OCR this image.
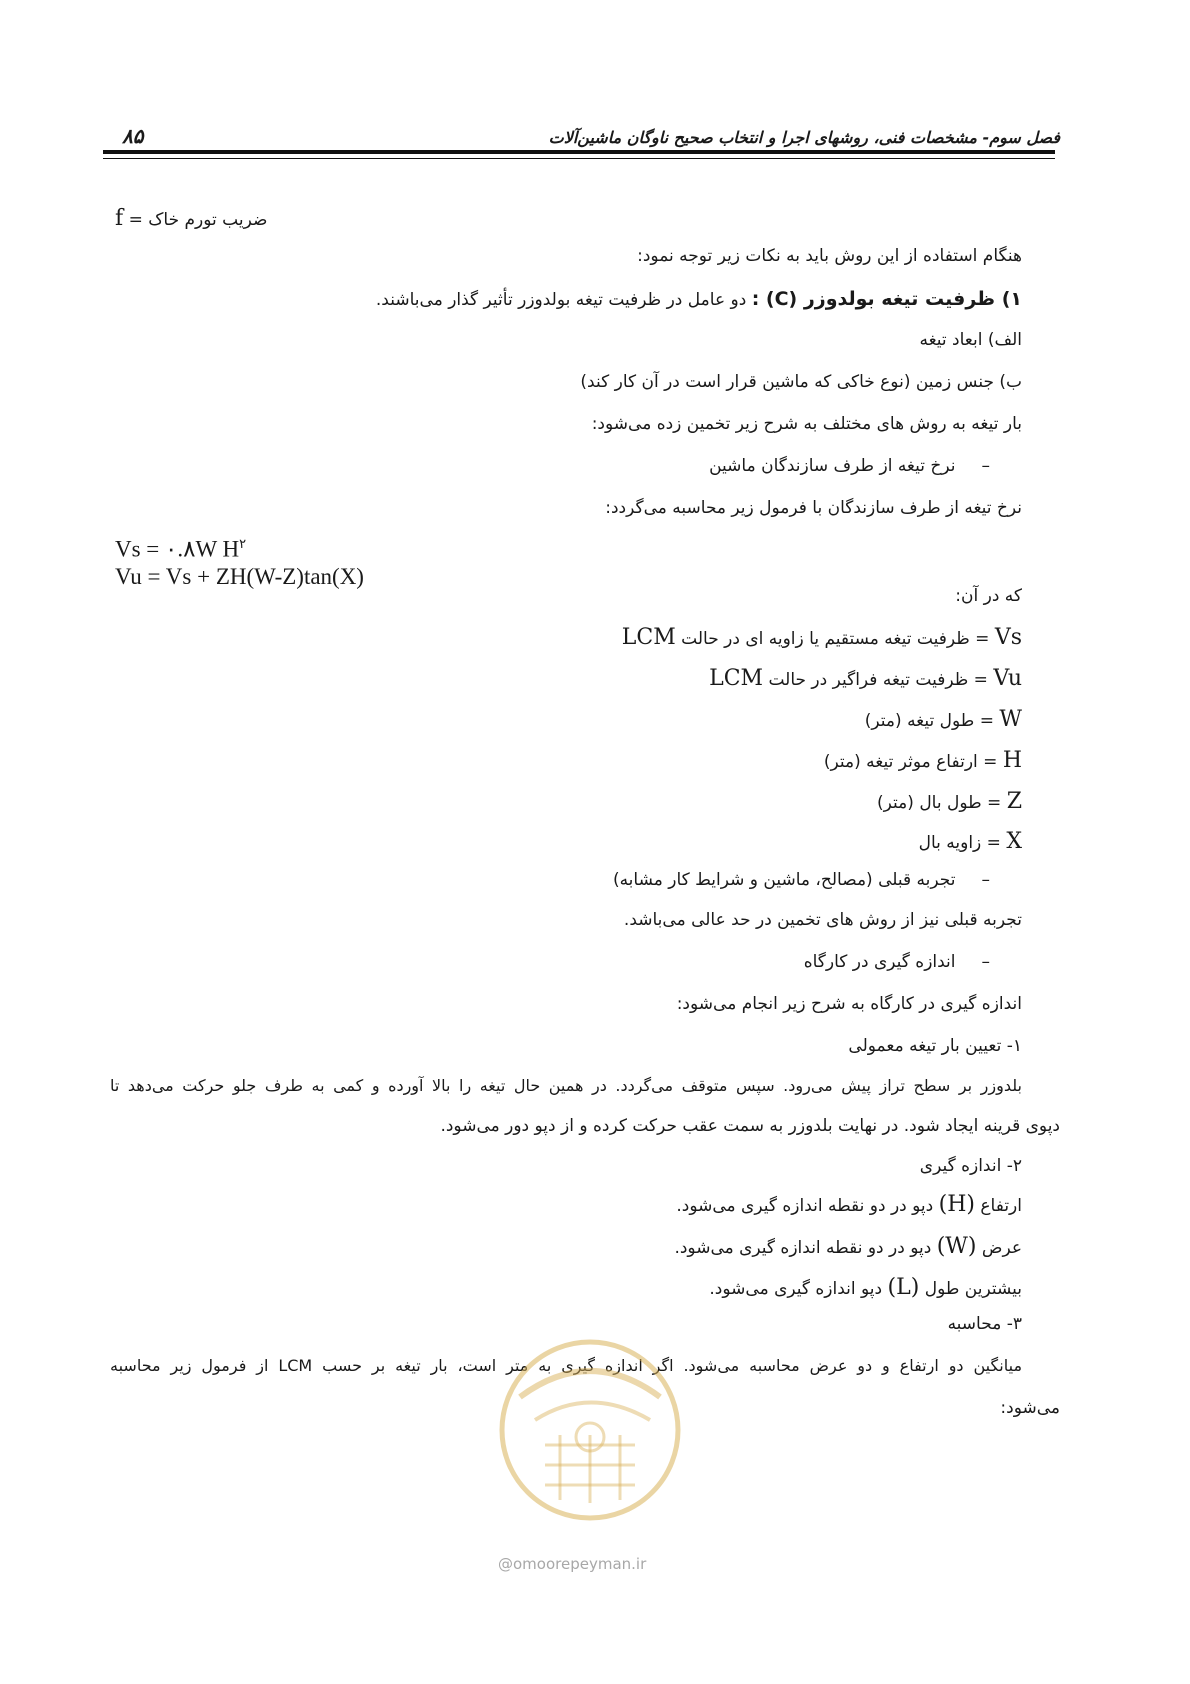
فصل سوم- مشخصات فنی، روشهای اجرا و انتخاب صحیح ناوگان ماشین‌آلات
۸۵
ضریب تورم خاک = f
هنگام استفاده از این روش باید به نکات زیر توجه نمود:
۱) ظرفیت تیغه بولدوزر (C) : دو عامل در ظرفیت تیغه بولدوزر تأثیر گذار می‌باشند.
الف) ابعاد تیغه
ب) جنس زمین (نوع خاکی که ماشین قرار است در آن کار کند)
بار تیغه به روش های مختلف به شرح زیر تخمین زده می‌شود:
–نرخ تیغه از طرف سازندگان ماشین
نرخ تیغه از طرف سازندگان با فرمول زیر محاسبه می‌گردد:
Vs = ۰.۸W $H^۲$
Vu = Vs + ZH(W-Z)tan(X)
که در آن:
Vs = ظرفیت تیغه مستقیم یا زاویه ای در حالت LCM
Vu = ظرفیت تیغه فراگیر در حالت LCM
W = طول تیغه (متر)
H = ارتفاع موثر تیغه (متر)
Z = طول بال (متر)
X = زاویه بال
–تجربه قبلی (مصالح، ماشین و شرایط کار مشابه)
تجربه قبلی نیز از روش های تخمین در حد عالی می‌باشد.
–اندازه گیری در کارگاه
اندازه گیری در کارگاه به شرح زیر انجام می‌شود:
۱- تعیین بار تیغه معمولی
بلدوزر بر سطح تراز پیش می‌رود. سپس متوقف می‌گردد. در همین حال تیغه را بالا آورده و کمی به طرف جلو حرکت می‌دهد تا
دپوی قرینه ایجاد شود. در نهایت بلدوزر به سمت عقب حرکت کرده و از دپو دور می‌شود.
۲- اندازه گیری
ارتفاع (H) دپو در دو نقطه اندازه گیری می‌شود.
عرض (W) دپو در دو نقطه اندازه گیری می‌شود.
بیشترین طول (L) دپو اندازه گیری می‌شود.
۳- محاسبه
میانگین دو ارتفاع و دو عرض محاسبه می‌شود. اگر اندازه گیری به متر است، بار تیغه بر حسب LCM از فرمول زیر محاسبه
می‌شود:
@omoorepeyman.ir
